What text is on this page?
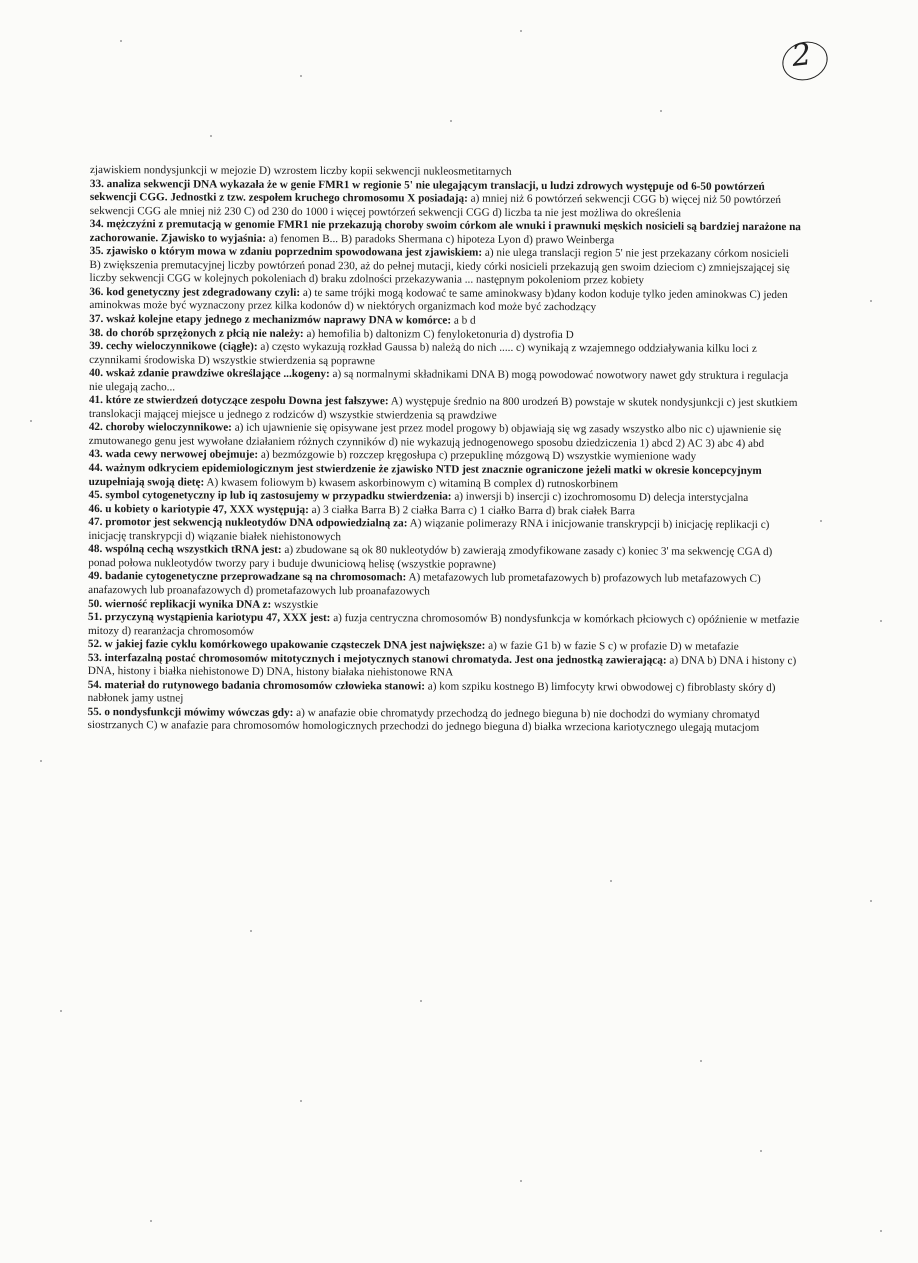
2

zjawiskiem nondysjunkcji w mejozie D) wzrostem liczby kopii sekwencji nukleosmetitarnych

33. analiza sekwencji DNA wykazała że w genie FMR1 w regionie 5' nie ulegającym translacji, u ludzi zdrowych występuje od 6-50 powtórzeń sekwencji CGG. Jednostki z tzw. zespołem kruchego chromosomu X posiadają: a) mniej niż 6 powtórzeń sekwencji CGG b) więcej niż 50 powtórzeń sekwencji CGG ale mniej niż 230 C) od 230 do 1000 i więcej powtórzeń sekwencji CGG d) liczba ta nie jest możliwa do określenia

34. mężczyźni z premutacją w genomie FMR1 nie przekazują choroby swoim córkom ale wnuki i prawnuki męskich nosicieli są bardziej narażone na zachorowanie. Zjawisko to wyjaśnia: a) fenomen B... B) paradoks Shermana c) hipoteza Lyon d) prawo Weinberga

35. zjawisko o którym mowa w zdaniu poprzednim spowodowana jest zjawiskiem: a) nie ulega translacji region 5' nie jest przekazany córkom nosicieli B) zwiększenia premutacyjnej liczby powtórzeń ponad 230, aż do pełnej mutacji, kiedy córki nosicieli przekazują gen swoim dzieciom c) zmniejszającej się liczby sekwencji CGG w kolejnych pokoleniach d) braku zdolności przekazywania ... następnym pokoleniom przez kobiety

36. kod genetyczny jest zdegradowany czyli: a) te same trójki mogą kodować te same aminokwasy b)dany kodon koduje tylko jeden aminokwas C) jeden aminokwas może być wyznaczony przez kilka kodonów d) w niektórych organizmach kod może być zachodzący

37. wskaż kolejne etapy jednego z mechanizmów naprawy DNA w komórce: a b d

38. do chorób sprzężonych z płcią nie należy: a) hemofilia b) daltonizm C) fenyloketonuria d) dystrofia D

39. cechy wieloczynnikowe (ciągłe): a) często wykazują rozkład Gaussa b) należą do nich ..... c) wynikają z wzajemnego oddziaływania kilku loci z czynnikami środowiska D) wszystkie stwierdzenia są poprawne

40. wskaż zdanie prawdziwe określające ...kogeny: a) są normalnymi składnikami DNA B) mogą powodować nowotwory nawet gdy struktura i regulacja nie ulegają zacho...

41. które ze stwierdzeń dotyczące zespołu Downa jest fałszywe: A) występuje średnio na 800 urodzeń B) powstaje w skutek nondysjunkcji c) jest skutkiem translokacji mającej miejsce u jednego z rodziców d) wszystkie stwierdzenia są prawdziwe

42. choroby wieloczynnikowe: a) ich ujawnienie się opisywane jest przez model progowy b) objawiają się wg zasady wszystko albo nic c) ujawnienie się zmutowanego genu jest wywołane działaniem różnych czynników d) nie wykazują jednogenowego sposobu dziedziczenia 1) abcd 2) AC 3) abc 4) abd

43. wada cewy nerwowej obejmuje: a) bezmózgowie b) rozczep kręgosłupa c) przepuklinę mózgową D) wszystkie wymienione wady

44. ważnym odkryciem epidemiologicznym jest stwierdzenie że zjawisko NTD jest znacznie ograniczone jeżeli matki w okresie koncepcyjnym uzupełniają swoją dietę: A) kwasem foliowym b) kwasem askorbinowym c) witaminą B complex d) rutnoskorbinem

45. symbol cytogenetyczny ip lub iq zastosujemy w przypadku stwierdzenia: a) inwersji b) insercji c) izochromosomu D) delecja interstycjalna

46. u kobiety o kariotypie 47, XXX występują: a) 3 ciałka Barra B) 2 ciałka Barra c) 1 ciałko Barra d) brak ciałek Barra

47. promotor jest sekwencją nukleotydów DNA odpowiedzialną za: A) wiązanie polimerazy RNA i inicjowanie transkrypcji b) inicjację replikacji c) inicjację transkrypcji d) wiązanie białek niehistonowych

48. wspólną cechą wszystkich tRNA jest: a) zbudowane są ok 80 nukleotydów b) zawierają zmodyfikowane zasady c) koniec 3' ma sekwencję CGA d) ponad połowa nukleotydów tworzy pary i buduje dwuniciową helisę (wszystkie poprawne)

49. badanie cytogenetyczne przeprowadzane są na chromosomach: A) metafazowych lub prometafazowych b) profazowych lub metafazowych C) anafazowych lub proanafazowych d) prometafazowych lub proanafazowych

50. wierność replikacji wynika DNA z: wszystkie

51. przyczyną wystąpienia kariotypu 47, XXX jest: a) fuzja centryczna chromosomów B) nondysfunkcja w komórkach płciowych c) opóźnienie w metfazie mitozy d) rearanżacja chromosomów

52. w jakiej fazie cyklu komórkowego upakowanie cząsteczek DNA jest największe: a) w fazie G1 b) w fazie S c) w profazie D) w metafazie

53. interfazalną postać chromosomów mitotycznych i mejotycznych stanowi chromatyda. Jest ona jednostką zawierającą: a) DNA b) DNA i histony c) DNA, histony i białka niehistonowe D) DNA, histony białaka niehistonowe RNA

54. materiał do rutynowego badania chromosomów człowieka stanowi: a) kom szpiku kostnego B) limfocyty krwi obwodowej c) fibroblasty skóry d) nabłonek jamy ustnej

55. o nondysfunkcji mówimy wówczas gdy: a) w anafazie obie chromatydy przechodzą do jednego bieguna b) nie dochodzi do wymiany chromatyd siostrzanych C) w anafazie para chromosomów homologicznych przechodzi do jednego bieguna d) białka wrzeciona kariotycznego ulegają mutacjom
